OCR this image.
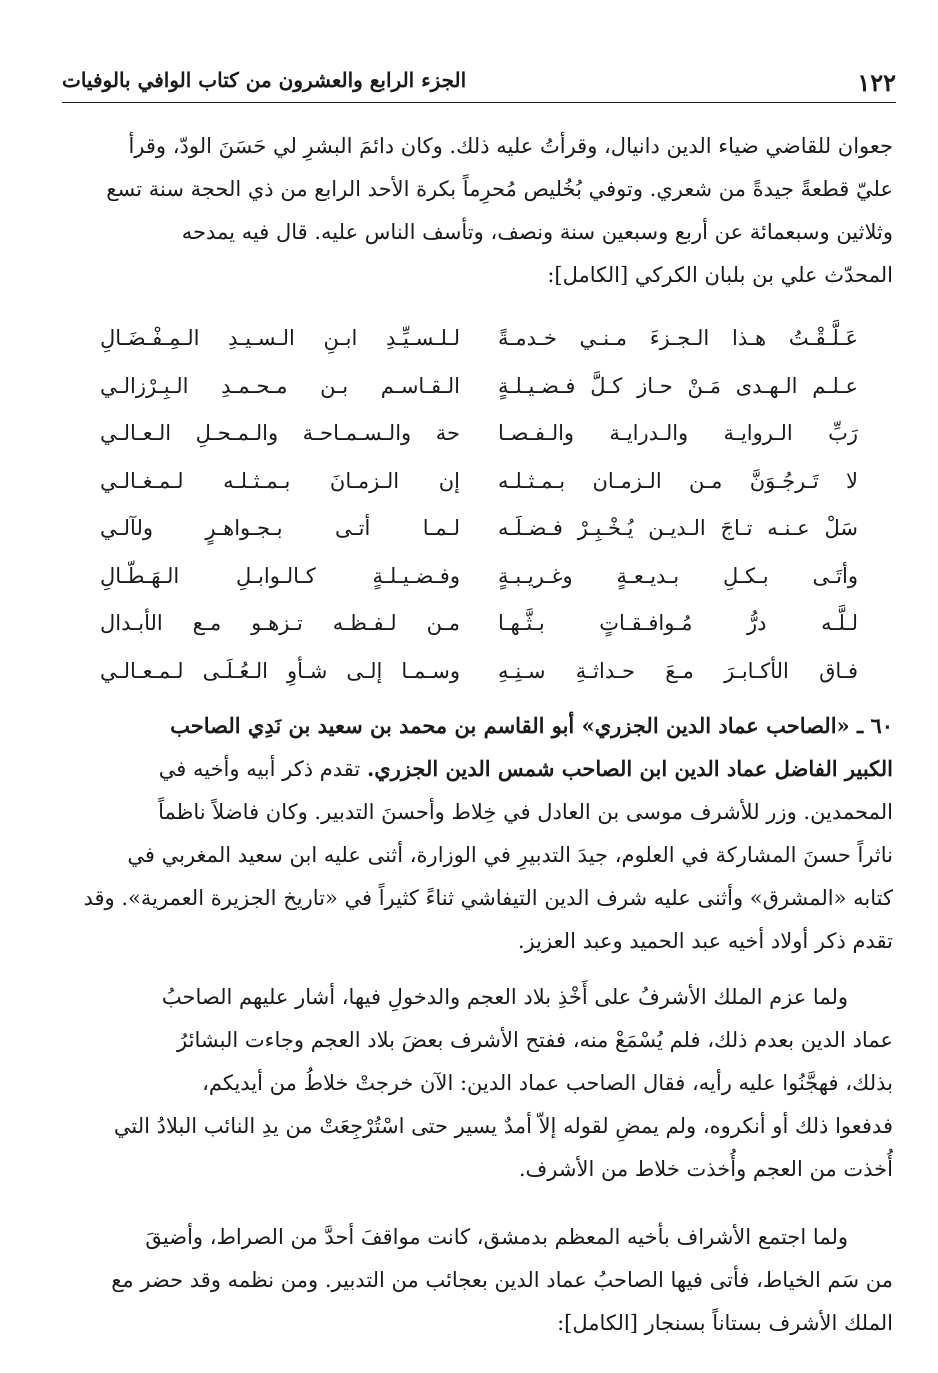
١٢٢
الجزء الرابع والعشرون من كتاب الوافي بالوفيات
جعوان للقاضي ضياء الدين دانيال، وقرأتُ عليه ذلك. وكان دائمَ البشرِ لي حَسَنَ الودّ، وقرأ
عليّ قطعةً جيدةً من شعري. وتوفي بُخُليص مُحرِماً بكرة الأحد الرابع من ذي الحجة سنة تسع
وثلاثين وسبعمائة عن أربع وسبعين سنة ونصف، وتأسف الناس عليه. قال فيه يمدحه
المحدّث علي بن بلبان الكركي [الكامل]:
عَـلَّـقْـتُ هـذا الـجـزءَ مـنـي خـدمـةً
لـلـسـيِّـدِ ابـنِ الـسـيـدِ الـمِـفْـضَـالِ
عـلـم الـهـدى مَـنْ حـاز كـلَّ فـضـيـلـةٍ
الـقـاسـم بـن مـحـمـدِ الـبِـرْزالـي
رَبِّ الـروايـة والـدرايـة والـفـصـا
حة والـسـمـاحـة والـمـحـلِ الـعـالـي
لا تَـرجُـوَنَّ مـن الـزمـان بـمـثـلـه
إن الـزمـانَ بـمـثـلـه لـمـغـالـي
سَلْ عـنـه تـاجَ الـديـن يُـخْـبِـرْ فـضـلَـه
لـمـا أتـى بـجـواهـرٍ ولآلـي
وأتَـى بـكـلِ بـديـعـةٍ وغـريـبـةٍ
وفـضـيـلـةٍ كـالـوابـلِ الـهَـطّـالِ
لـلَّـه درُّ مُـوافـقـاتٍ بـثَّـهـا
مـن لـفـظـه تـزهـو مـع الأبـدال
فـاق الأكـابـرَ مـعَ حـداثـةِ سـنِـهِ
وسـمـا إلـى شـأوِ الـعُـلَـى لـمـعـالـي
٦٠ ـ «الصاحب عماد الدين الجزري» أبو القاسم بن محمد بن سعيد بن نَدِي الصاحب
الكبير الفاضل عماد الدين ابن الصاحب شمس الدين الجزري. تقدم ذكر أبيه وأخيه في
المحمدين. وزر للأشرف موسى بن العادل في خِلاط وأحسنَ التدبير. وكان فاضلاً ناظماً
ناثراً حسنَ المشاركة في العلوم، جيدَ التدبيرِ في الوزارة، أثنى عليه ابن سعيد المغربي في
كتابه «المشرق» وأثنى عليه شرف الدين التيفاشي ثناءً كثيراً في «تاريخ الجزيرة العمرية». وقد
تقدم ذكر أولاد أخيه عبد الحميد وعبد العزيز.
ولما عزم الملك الأشرفُ على أَخْذِ بلاد العجم والدخولِ فيها، أشار عليهم الصاحبُ
عماد الدين بعدم ذلك، فلم يُسْمَعْ منه، ففتح الأشرف بعضَ بلاد العجم وجاءت البشائرُ
بذلك، فهجَّنُوا عليه رأيه، فقال الصاحب عماد الدين: الآن خرجتْ خلاطُ من أيديكم،
فدفعوا ذلك أو أنكروه، ولم يمضِ لقوله إلاّ أمدٌ يسير حتى اسْتُرْجِعَتْ من يدِ النائب البلادُ التي
أُخذت من العجم وأُخذت خلاط من الأشرف.
ولما اجتمع الأشراف بأخيه المعظم بدمشق، كانت مواقفَ أحدَّ من الصراط، وأضيقَ
من سَم الخياط، فأتى فيها الصاحبُ عماد الدين بعجائب من التدبير. ومن نظمه وقد حضر مع
الملك الأشرف بستاناً بسنجار [الكامل]:
